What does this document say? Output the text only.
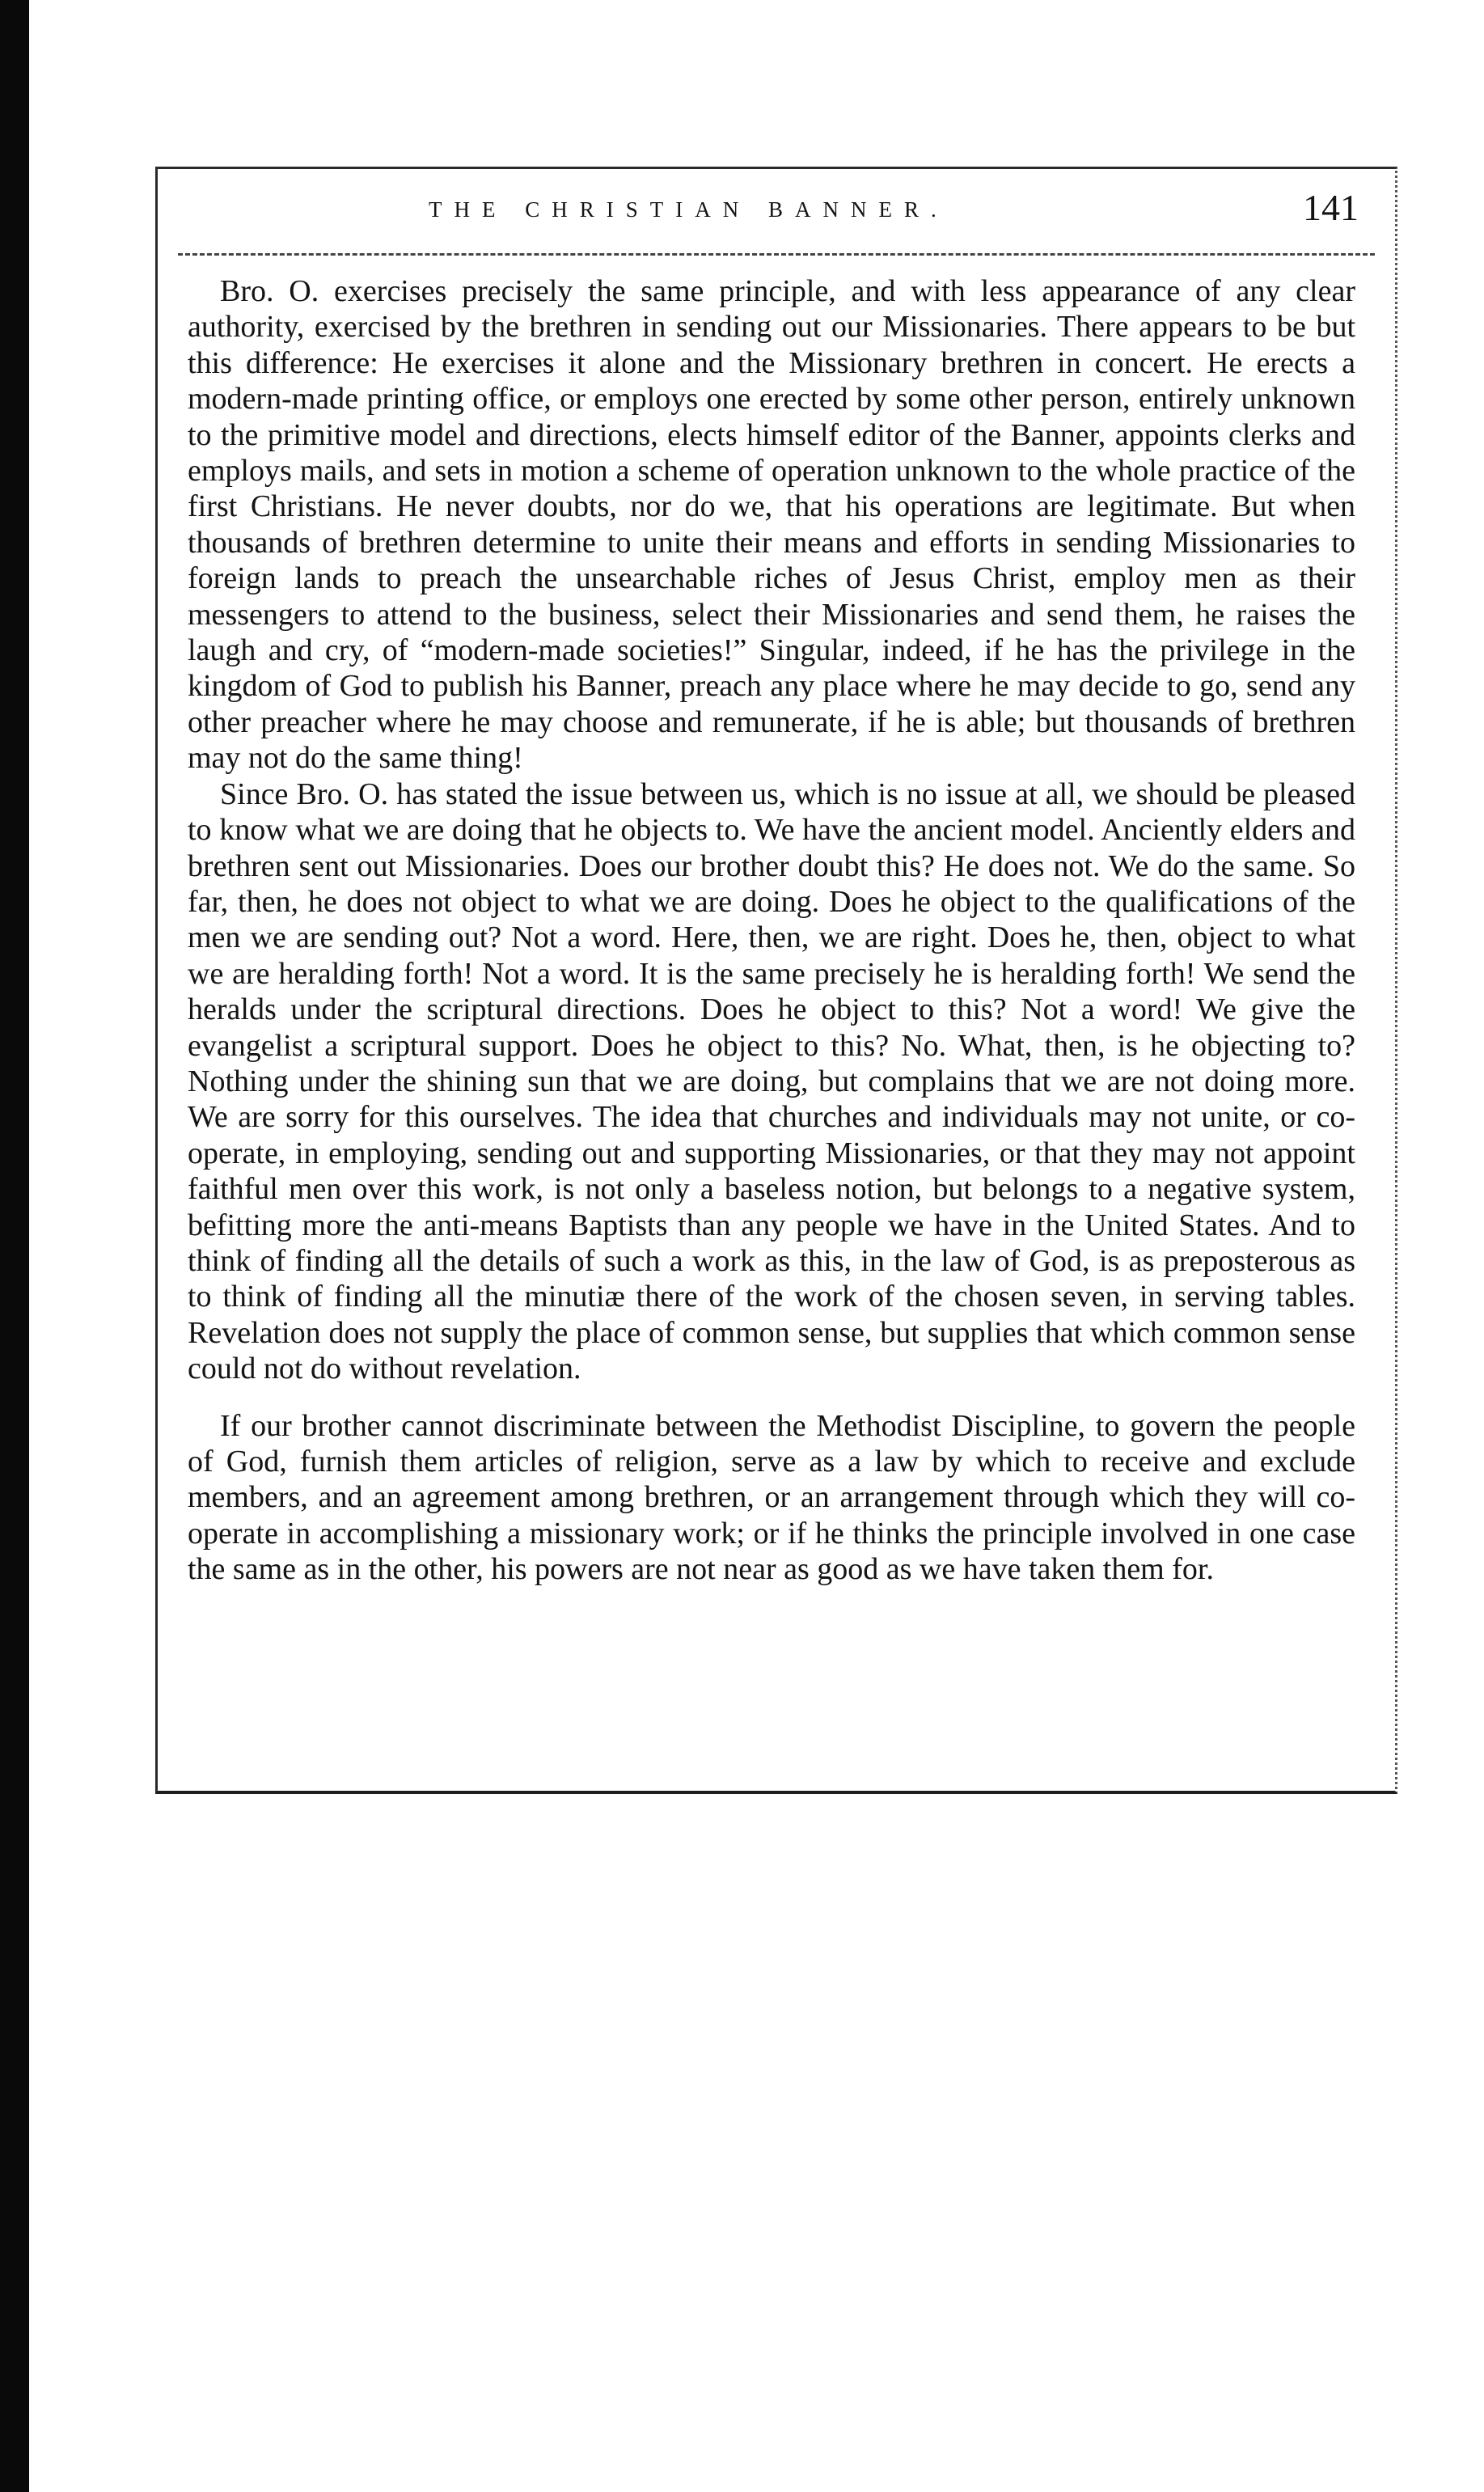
THE CHRISTIAN BANNER.	141

Bro. O. exercises precisely the same principle, and with less appearance of any clear authority, exercised by the brethren in sending out our Missionaries. There appears to be but this difference: He exercises it alone and the Missionary brethren in concert. He erects a modern-made printing office, or employs one erected by some other person, entirely unknown to the primitive model and directions, elects himself editor of the Banner, appoints clerks and employs mails, and sets in motion a scheme of operation unknown to the whole practice of the first Christians. He never doubts, nor do we, that his operations are legitimate. But when thousands of brethren determine to unite their means and efforts in sending Missionaries to foreign lands to preach the unsearchable riches of Jesus Christ, employ men as their messengers to attend to the business, select their Missionaries and send them, he raises the laugh and cry, of “modern-made societies!” Singular, indeed, if he has the privilege in the kingdom of God to publish his Banner, preach any place where he may decide to go, send any other preacher where he may choose and remunerate, if he is able; but thousands of brethren may not do the same thing!

Since Bro. O. has stated the issue between us, which is no issue at all, we should be pleased to know what we are doing that he objects to. We have the ancient model. Anciently elders and brethren sent out Missionaries. Does our brother doubt this? He does not. We do the same. So far, then, he does not object to what we are doing. Does he object to the qualifications of the men we are sending out? Not a word. Here, then, we are right. Does he, then, object to what we are heralding forth! Not a word. It is the same precisely he is heralding forth! We send the heralds under the scriptural directions. Does he object to this? Not a word! We give the evangelist a scriptural support. Does he object to this? No. What, then, is he objecting to? Nothing under the shining sun that we are doing, but complains that we are not doing more. We are sorry for this ourselves. The idea that churches and individuals may not unite, or co-operate, in employing, sending out and supporting Missionaries, or that they may not appoint faithful men over this work, is not only a baseless notion, but belongs to a negative system, befitting more the anti-means Baptists than any people we have in the United States. And to think of finding all the details of such a work as this, in the law of God, is as preposterous as to think of finding all the minutiæ there of the work of the chosen seven, in serving tables. Revelation does not supply the place of common sense, but supplies that which common sense could not do without revelation.

If our brother cannot discriminate between the Methodist Discipline, to govern the people of God, furnish them articles of religion, serve as a law by which to receive and exclude members, and an agreement among brethren, or an arrangement through which they will co-operate in accomplishing a missionary work; or if he thinks the principle involved in one case the same as in the other, his powers are not near as good as we have taken them for.
